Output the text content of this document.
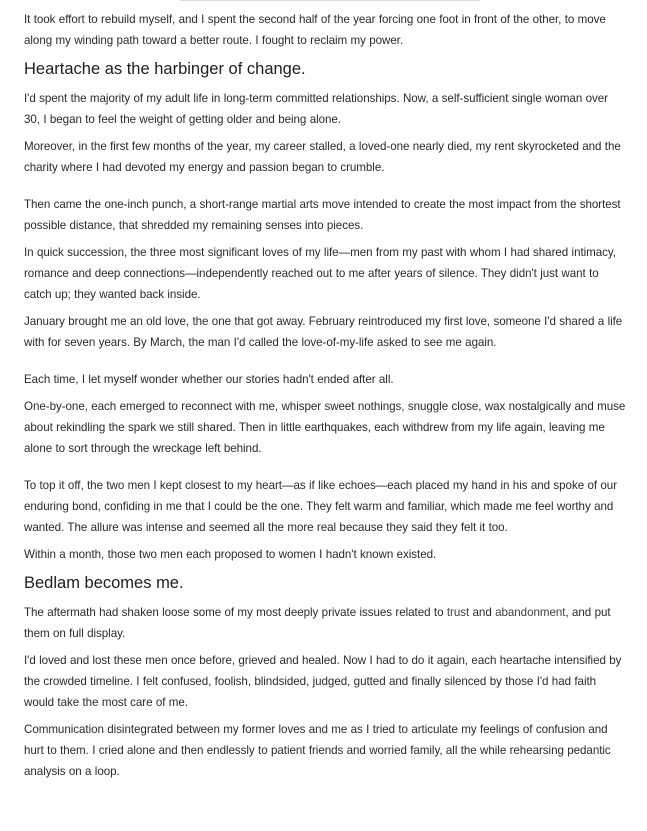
It took effort to rebuild myself, and I spent the second half of the year forcing one foot in front of the other, to move along my winding path toward a better route. I fought to reclaim my power.

Heartache as the harbinger of change.

I'd spent the majority of my adult life in long-term committed relationships. Now, a self-sufficient single woman over 30, I began to feel the weight of getting older and being alone.

Moreover, in the first few months of the year, my career stalled, a loved-one nearly died, my rent skyrocketed and the charity where I had devoted my energy and passion began to crumble.

Then came the one-inch punch, a short-range martial arts move intended to create the most impact from the shortest possible distance, that shredded my remaining senses into pieces.

In quick succession, the three most significant loves of my life—men from my past with whom I had shared intimacy, romance and deep connections—independently reached out to me after years of silence. They didn't just want to catch up; they wanted back inside.

January brought me an old love, the one that got away. February reintroduced my first love, someone I'd shared a life with for seven years. By March, the man I'd called the love-of-my-life asked to see me again.

Each time, I let myself wonder whether our stories hadn't ended after all.

One-by-one, each emerged to reconnect with me, whisper sweet nothings, snuggle close, wax nostalgically and muse about rekindling the spark we still shared. Then in little earthquakes, each withdrew from my life again, leaving me alone to sort through the wreckage left behind.

To top it off, the two men I kept closest to my heart—as if like echoes—each placed my hand in his and spoke of our enduring bond, confiding in me that I could be the one. They felt warm and familiar, which made me feel worthy and wanted. The allure was intense and seemed all the more real because they said they felt it too.

Within a month, those two men each proposed to women I hadn't known existed.

Bedlam becomes me.

The aftermath had shaken loose some of my most deeply private issues related to trust and abandonment, and put them on full display.

I'd loved and lost these men once before, grieved and healed. Now I had to do it again, each heartache intensified by the crowded timeline. I felt confused, foolish, blindsided, judged, gutted and finally silenced by those I'd had faith would take the most care of me.

Communication disintegrated between my former loves and me as I tried to articulate my feelings of confusion and hurt to them. I cried alone and then endlessly to patient friends and worried family, all the while rehearsing pedantic analysis on a loop.
